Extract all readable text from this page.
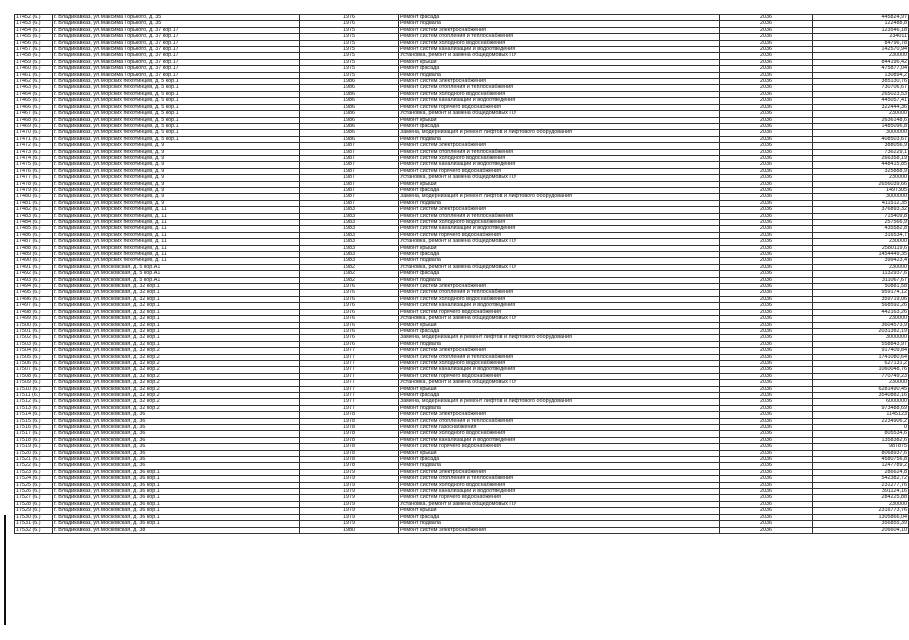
17452 (6.)	г. Владикавказ, ул.Максима Горького, д. 35	1976	Ремонт фасада	2036	445824,97
17453 (6.)	г. Владикавказ, ул.Максима Горького, д. 35	1976	Ремонт подвала	2036	122488,8
17454 (6.)	г. Владикавказ, ул.Максима Горького, д. 37 кор.17	1975	Ремонт систем электроснабжения	2036	123546,18
17455 (6.)	г. Владикавказ, ул.Максима Горького, д. 37 кор.17	1975	Ремонт систем отопления и теплоснабжения	2036	234011
17456 (6.)	г. Владикавказ, ул.Максима Горького, д. 37 кор.17	1975	Ремонт систем холодного водоснабжения	2036	84796,78
17457 (6.)	г. Владикавказ, ул.Максима Горького, д. 37 кор.17	1975	Ремонт систем канализации и водоотведения	2036	142570,94
17458 (6.)	г. Владикавказ, ул.Максима Горького, д. 37 кор.17	1975	Установка, ремонт и замена общедомовых ПУ	2036	230000
17459 (6.)	г. Владикавказ, ул.Максима Горького, д. 37 кор.17	1975	Ремонт крыши	2036	844196,42
17460 (6.)	г. Владикавказ, ул.Максима Горького, д. 37 кор.17	1975	Ремонт фасада	2036	475877,04
17461 (6.)	г. Владикавказ, ул.Максима Горького, д. 37 кор.17	1975	Ремонт подвала	2036	130894,2
17462 (6.)	г. Владикавказ, ул.Морских пехотинцев, д. 5 кор.1	1986	Ремонт систем электроснабжения	2036	385130,76
17463 (6.)	г. Владикавказ, ул.Морских пехотинцев, д. 5 кор.1	1986	Ремонт систем отопления и теплоснабжения	2036	730706,67
17464 (6.)	г. Владикавказ, ул.Морских пехотинцев, д. 5 кор.1	1986	Ремонт систем холодного водоснабжения	2036	265023,53
17465 (6.)	г. Владикавказ, ул.Морских пехотинцев, д. 5 кор.1	1986	Ремонт систем канализации и водоотведения	2036	445057,41
17466 (6.)	г. Владикавказ, ул.Морских пехотинцев, д. 5 кор.1	1986	Ремонт систем горячего водоснабжения	2036	322444,36
17467 (6.)	г. Владикавказ, ул.Морских пехотинцев, д. 5 кор.1	1986	Установка, ремонт и замена общедомовых ПУ	2036	230000
17468 (6.)	г. Владикавказ, ул.Морских пехотинцев, д. 5 кор.1	1986	Ремонт крыши	2036	2636148,6
17469 (6.)	г. Владикавказ, ул.Морских пехотинцев, д. 5 кор.1	1986	Ремонт фасада	2036	1485096,8
17470 (6.)	г. Владикавказ, ул.Морских пехотинцев, д. 5 кор.1	1986	Замена, модернизация и ремонт лифтов и лифтового оборудования	2036	3000000
17471 (6.)	г. Владикавказ, ул.Морских пехотинцев, д. 5 кор.1	1986	Ремонт подвала	2036	408503,67
17472 (6.)	г. Владикавказ, ул.Морских пехотинцев, д. 9	1987	Ремонт систем электроснабжения	2036	388056,9
17473 (6.)	г. Владикавказ, ул.Морских пехотинцев, д. 9	1987	Ремонт систем отопления и теплоснабжения	2036	736229,1
17474 (6.)	г. Владикавказ, ул.Морских пехотинцев, д. 9	1987	Ремонт систем холодного водоснабжения	2036	266358,19
17475 (6.)	г. Владикавказ, ул.Морских пехотинцев, д. 9	1987	Ремонт систем канализации и водоотведения	2036	448415,85
17476 (6.)	г. Владикавказ, ул.Морских пехотинцев, д. 9	1987	Ремонт систем горячего водоснабжения	2036	325888,9
17477 (6.)	г. Владикавказ, ул.Морских пехотинцев, д. 9	1987	Установка, ремонт и замена общедомовых ПУ	2036	230000
17478 (6.)	г. Владикавказ, ул.Морских пехотинцев, д. 9	1987	Ремонт крыши	2036	2656039,66
17479 (6.)	г. Владикавказ, ул.Морских пехотинцев, д. 9	1987	Ремонт фасада	2036	1497305
17480 (6.)	г. Владикавказ, ул.Морских пехотинцев, д. 9	1987	Замена, модернизация и ремонт лифтов и лифтового оборудования	2036	3000000
17481 (6.)	г. Владикавказ, ул.Морских пехотинцев, д. 9	1987	Ремонт подвала	2036	411512,35
17482 (6.)	г. Владикавказ, ул.Морских пехотинцев, д. 11	1983	Ремонт систем электроснабжения	2036	376893,32
17483 (6.)	г. Владикавказ, ул.Морских пехотинцев, д. 11	1983	Ремонт систем отопления и теплоснабжения	2036	715409,8
17484 (6.)	г. Владикавказ, ул.Морских пехотинцев, д. 11	1983	Ремонт систем холодного водоснабжения	2036	257566,9
17485 (6.)	г. Владикавказ, ул.Морских пехотинцев, д. 11	1983	Ремонт систем канализации и водоотведения	2036	435582,8
17486 (6.)	г. Владикавказ, ул.Морских пехотинцев, д. 11	1983	Ремонт систем горячего водоснабжения	2036	316534,7
17487 (6.)	г. Владикавказ, ул.Морских пехотинцев, д. 11	1983	Установка, ремонт и замена общедомовых ПУ	2036	230000
17488 (6.)	г. Владикавказ, ул.Морских пехотинцев, д. 11	1983	Ремонт крыши	2036	2580119,6
17489 (6.)	г. Владикавказ, ул.Морских пехотинцев, д. 11	1983	Ремонт фасада	2036	1454449,35
17490 (6.)	г. Владикавказ, ул.Морских пехотинцев, д. 11	1983	Ремонт подвала	2036	399423,4
17491 (6.)	г. Владикавказ, ул.Московская, д. 5 кор.А1	1982	Установка, ремонт и замена общедомовых ПУ	2036	230000
17492 (6.)	г. Владикавказ, ул.Московская, д. 5 кор.А1	1982	Ремонт фасада	2036	1132937,6
17493 (6.)	г. Владикавказ, ул.Московская, д. 5 кор.А1	1982	Ремонт подвала	2036	311067,67
17494 (6.)	г. Владикавказ, ул.Московская, д. 32 кор.1	1976	Ремонт систем электроснабжения	2036	50881,58
17495 (6.)	г. Владикавказ, ул.Московская, д. 32 кор.1	1976	Ремонт систем отопления и теплоснабжения	2036	959174,12
17496 (6.)	г. Владикавказ, ул.Московская, д. 32 кор.1	1976	Ремонт систем холодного водоснабжения	2036	359719,06
17497 (6.)	г. Владикавказ, ул.Московская, д. 32 кор.1	1976	Ремонт систем канализации и водоотведения	2036	568592,26
17498 (6.)	г. Владикавказ, ул.Московская, д. 32 кор.1	1976	Ремонт систем горячего водоснабжения	2036	442163,26
17499 (6.)	г. Владикавказ, ул.Московская, д. 32 кор.1	1976	Установка, ремонт и замена общедомовых ПУ	2036	230000
17500 (6.)	г. Владикавказ, ул.Московская, д. 32 кор.1	1976	Ремонт крыши	2036	3604573,9
17501 (6.)	г. Владикавказ, ул.Московская, д. 32 кор.1	1976	Ремонт фасада	2036	2031382,19
17502 (6.)	г. Владикавказ, ул.Московская, д. 32 кор.1	1976	Замена, модернизация и ремонт лифтов и лифтового оборудования	2036	3000000
17503 (6.)	г. Владикавказ, ул.Московская, д. 32 кор.1	1976	Ремонт подвала	2036	558843,97
17504 (6.)	г. Владикавказ, ул.Московская, д. 32 кор.2	1977	Ремонт систем электроснабжения	2036	917409,84
17505 (6.)	г. Владикавказ, ул.Московская, д. 32 кор.2	1977	Ремонт систем отопления и теплоснабжения	2036	1741080,64
17506 (6.)	г. Владикавказ, ул.Московская, д. 32 кор.2	1977	Ремонт систем холодного водоснабжения	2036	627131,2
17507 (6.)	г. Владикавказ, ул.Московская, д. 32 кор.2	1977	Ремонт систем канализации и водоотведения	2036	1060048,76
17508 (6.)	г. Владикавказ, ул.Московская, д. 32 кор.2	1977	Ремонт систем горячего водоснабжения	2036	770749,23
17509 (6.)	г. Владикавказ, ул.Московская, д. 32 кор.2	1977	Установка, ремонт и замена общедомовых ПУ	2036	230000
17510 (6.)	г. Владикавказ, ул.Московская, д. 32 кор.2	1977	Ремонт крыши	2036	6281490,45
17511 (6.)	г. Владикавказ, ул.Московская, д. 32 кор.2	1977	Ремонт фасада	2036	3540882,16
17512 (6.)	г. Владикавказ, ул.Московская, д. 32 кор.2	1977	Замена, модернизация и ремонт лифтов и лифтового оборудования	2036	6000000
17513 (6.)	г. Владикавказ, ул.Московская, д. 32 кор.2	1977	Ремонт подвала	2036	973488,69
17514 (6.)	г. Владикавказ, ул.Московская, д. 36	1978	Ремонт систем электроснабжения	2036	1145123
17515 (6.)	г. Владикавказ, ул.Московская, д. 36	1978	Ремонт систем отопления и теплоснабжения	2036	2234906,2
17516 (6.)	г. Владикавказ, ул.Московская, д. 36	1978	Ремонт систем газоснабжения	2036	0
17517 (6.)	г. Владикавказ, ул.Московская, д. 36	1978	Ремонт систем холодного водоснабжения	2036	805534,6
17518 (6.)	г. Владикавказ, ул.Московская, д. 36	1978	Ремонт систем канализации и водоотведения	2036	1358382,6
17519 (6.)	г. Владикавказ, ул.Московская, д. 36	1978	Ремонт систем горячего водоснабжения	2036	987875
17520 (6.)	г. Владикавказ, ул.Московская, д. 36	1978	Ремонт крыши	2036	8068937,6
17521 (6.)	г. Владикавказ, ул.Московская, д. 36	1978	Ремонт фасада	2036	4580756,8
17522 (6.)	г. Владикавказ, ул.Московская, д. 36	1978	Ремонт подвала	2036	1247789,2
17523 (6.)	г. Владикавказ, ул.Московская, д. 36 кор.1	1979	Ремонт систем электроснабжения	2036	286624,8
17524 (6.)	г. Владикавказ, ул.Московская, д. 36 кор.1	1979	Ремонт систем отопления и теплоснабжения	2036	542382,72
17525 (6.)	г. Владикавказ, ул.Московская, д. 36 кор.1	1979	Ремонт систем холодного водоснабжения	2036	231277,76
17526 (6.)	г. Владикавказ, ул.Московская, д. 36 кор.1	1979	Ремонт систем канализации и водоотведения	2036	391124,16
17527 (6.)	г. Владикавказ, ул.Московская, д. 36 кор.1	1979	Ремонт систем горячего водоснабжения	2036	284225,88
17528 (6.)	г. Владикавказ, ул.Московская, д. 36 кор.1	1979	Установка, ремонт и замена общедомовых ПУ	2036	230000
17529 (6.)	г. Владикавказ, ул.Московская, д. 36 кор.1	1979	Ремонт крыши	2036	2316773,76
17530 (6.)	г. Владикавказ, ул.Московская, д. 36 кор.1	1979	Ремонт фасада	2036	1305866,04
17531 (6.)	г. Владикавказ, ул.Московская, д. 36 кор.1	1979	Ремонт подвала	2036	356855,39
17532 (6.)	г. Владикавказ, ул.Московская, д. 38	1980	Ремонт систем электроснабжения	2036	206604,10
